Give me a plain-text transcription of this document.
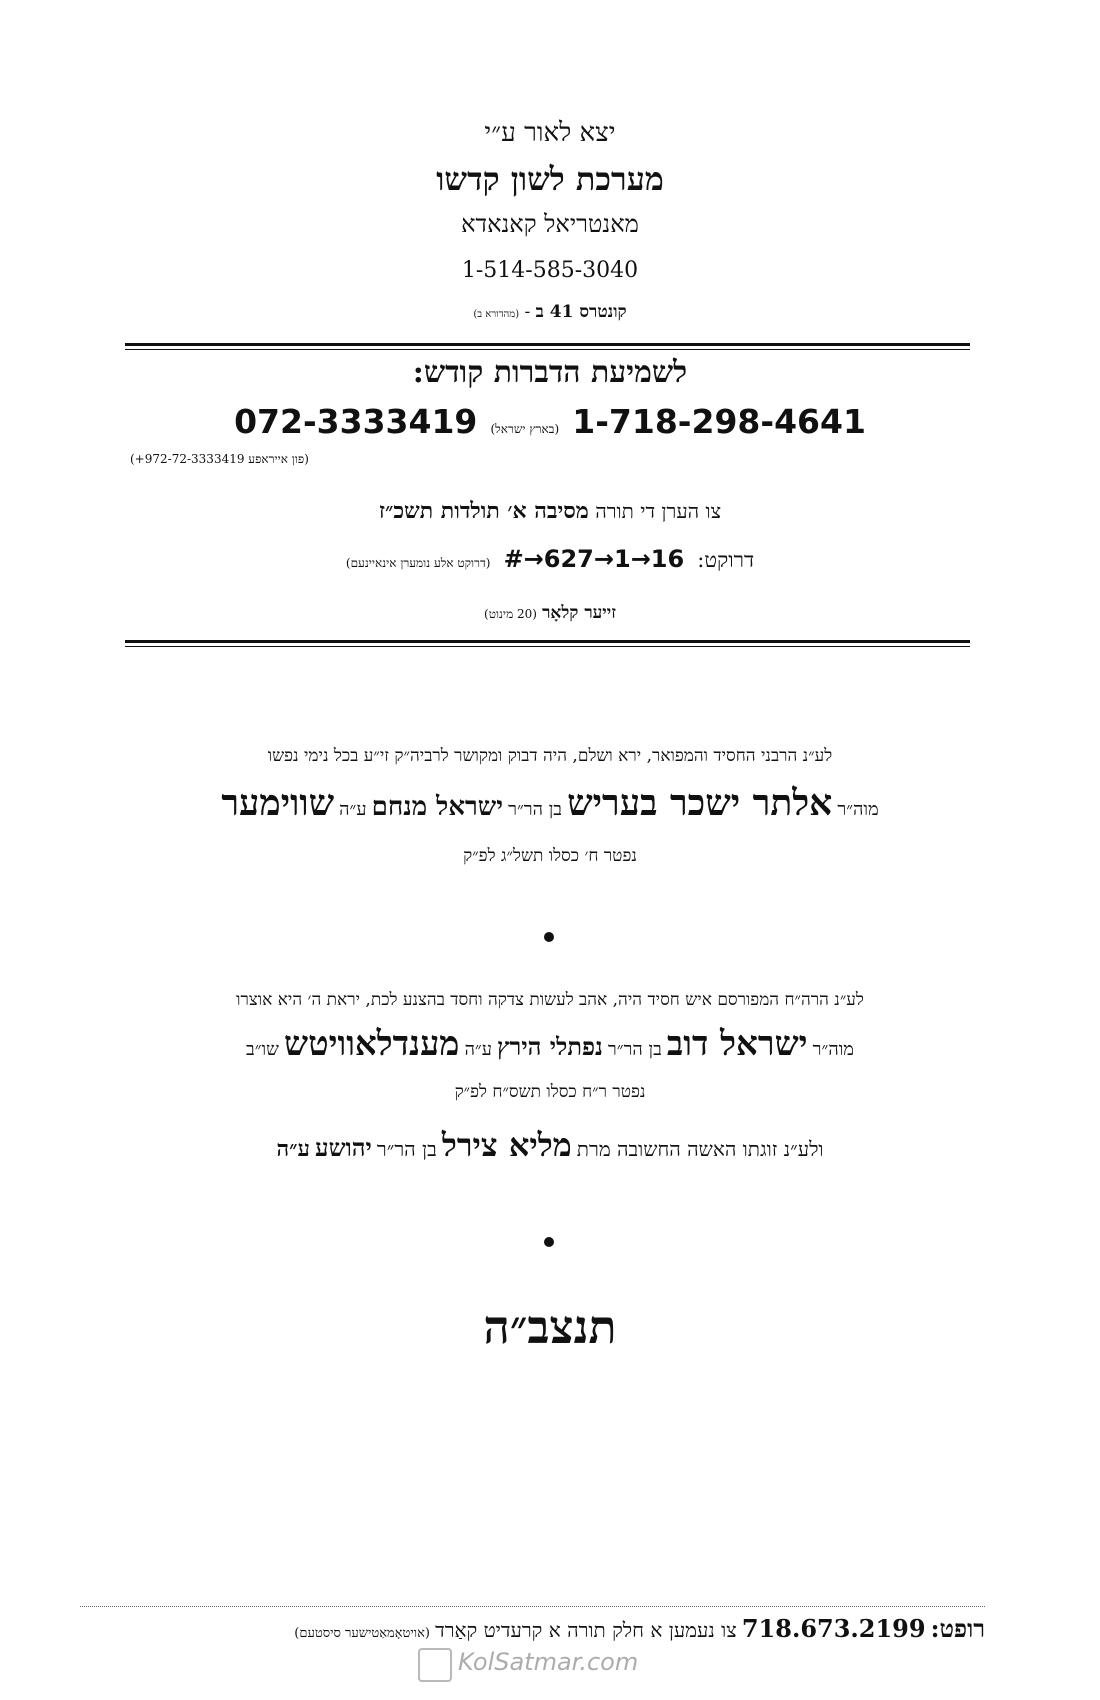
יצא לאור ע״י
מערכת לשון קדשו
מאנטריאל קאנאדא
1-514-585-3040
קונטרס 41 ב - (מהדורא ב)
לשמיעת הדברות קודש:
072-3333419 (בארץ ישראל) 1-718-298-4641
(פון אייראפע 972-72-3333419+)
צו הערן די תורה מסיבה א׳ תולדות תשכ״ז
דרוקט: #→627→1→16 (דרוקט אלע נומערן אינאיינעם)
זייער קלאָר (20 מינוט)
לע״נ הרבני החסיד והמפואר, ירא ושלם, היה דבוק ומקושר לרביה״ק זי״ע בכל נימי נפשו
מוה״ר אלתר ישכר בעריש בן הר״ר ישראל מנחם ע״ה שווימער
נפטר ח׳ כסלו תשל״ג לפ״ק
לע״נ הרה״ח המפורסם איש חסיד היה, אהב לעשות צדקה וחסד בהצנע לכת, יראת ה׳ היא אוצרו
מוה״ר ישראל דוב בן הר״ר נפתלי הירץ ע״ה מענדלאוויטש שו״ב
נפטר ר״ח כסלו תשס״ח לפ״ק
ולע״נ זוגתו האשה החשובה מרת מליא צירל בן הר״ר יהושע ע״ה
תנצב״ה
רופט: 718.673.2199 צו נעמען א חלק תורה א קרעדיט קאַרד (אויטאָמאַטישער סיסטעם)
KolSatmar.com
